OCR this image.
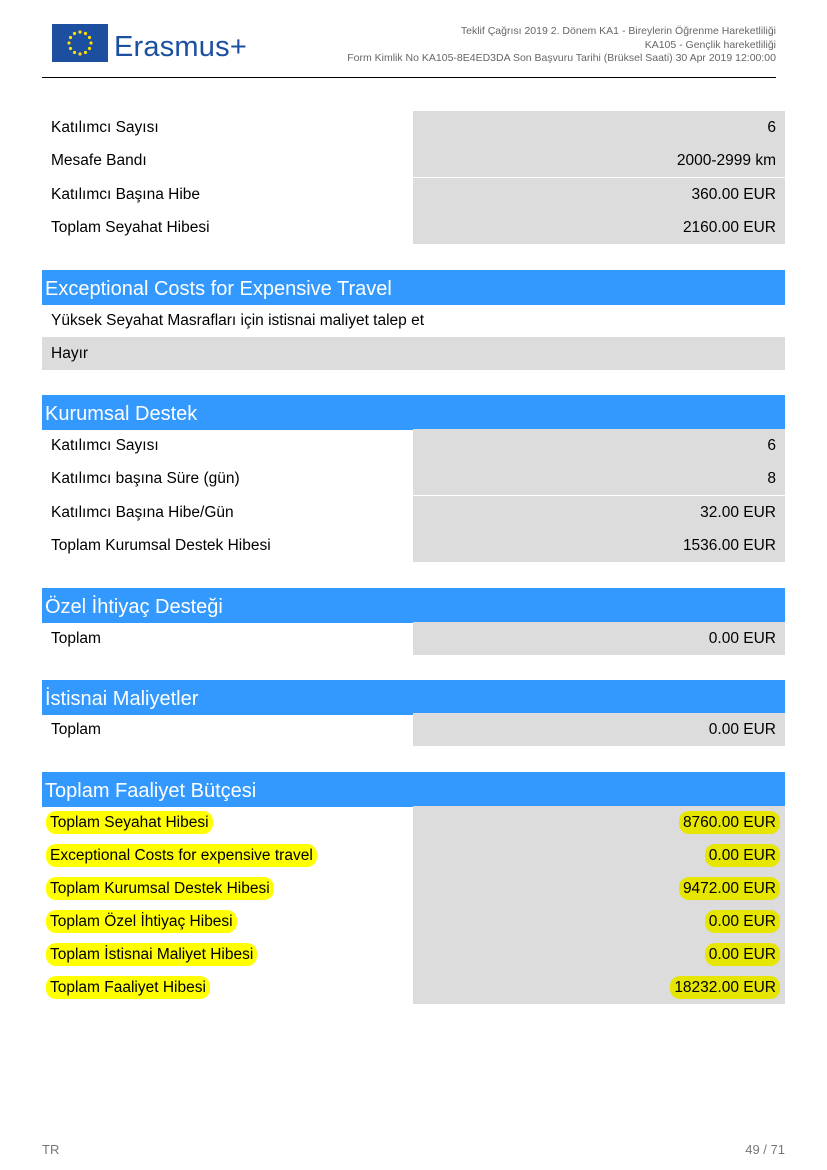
Erasmus+	Teklif Çağrısı 2019 2. Dönem KA1 - Bireylerin Öğrenme Hareketliliği
KA105 - Gençlik hareketliliği
Form Kimlik No KA105-8E4ED3DA Son Başvuru Tarihi (Brüksel Saati) 30 Apr 2019 12:00:00
Katılımcı Sayısı	6
Mesafe Bandı	2000-2999 km
Katılımcı Başına Hibe	360.00 EUR
Toplam Seyahat Hibesi	2160.00 EUR
Exceptional Costs for Expensive Travel
Yüksek Seyahat Masrafları için istisnai maliyet talep et
Hayır
Kurumsal Destek
Katılımcı Sayısı	6
Katılımcı başına Süre (gün)	8
Katılımcı Başına Hibe/Gün	32.00 EUR
Toplam Kurumsal Destek Hibesi	1536.00 EUR
Özel İhtiyaç Desteği
Toplam	0.00 EUR
İstisnai Maliyetler
Toplam	0.00 EUR
Toplam Faaliyet Bütçesi
Toplam Seyahat Hibesi	8760.00 EUR
Exceptional Costs for expensive travel	0.00 EUR
Toplam Kurumsal Destek Hibesi	9472.00 EUR
Toplam Özel İhtiyaç Hibesi	0.00 EUR
Toplam İstisnai Maliyet Hibesi	0.00 EUR
Toplam Faaliyet Hibesi	18232.00 EUR
TR	49 / 71
